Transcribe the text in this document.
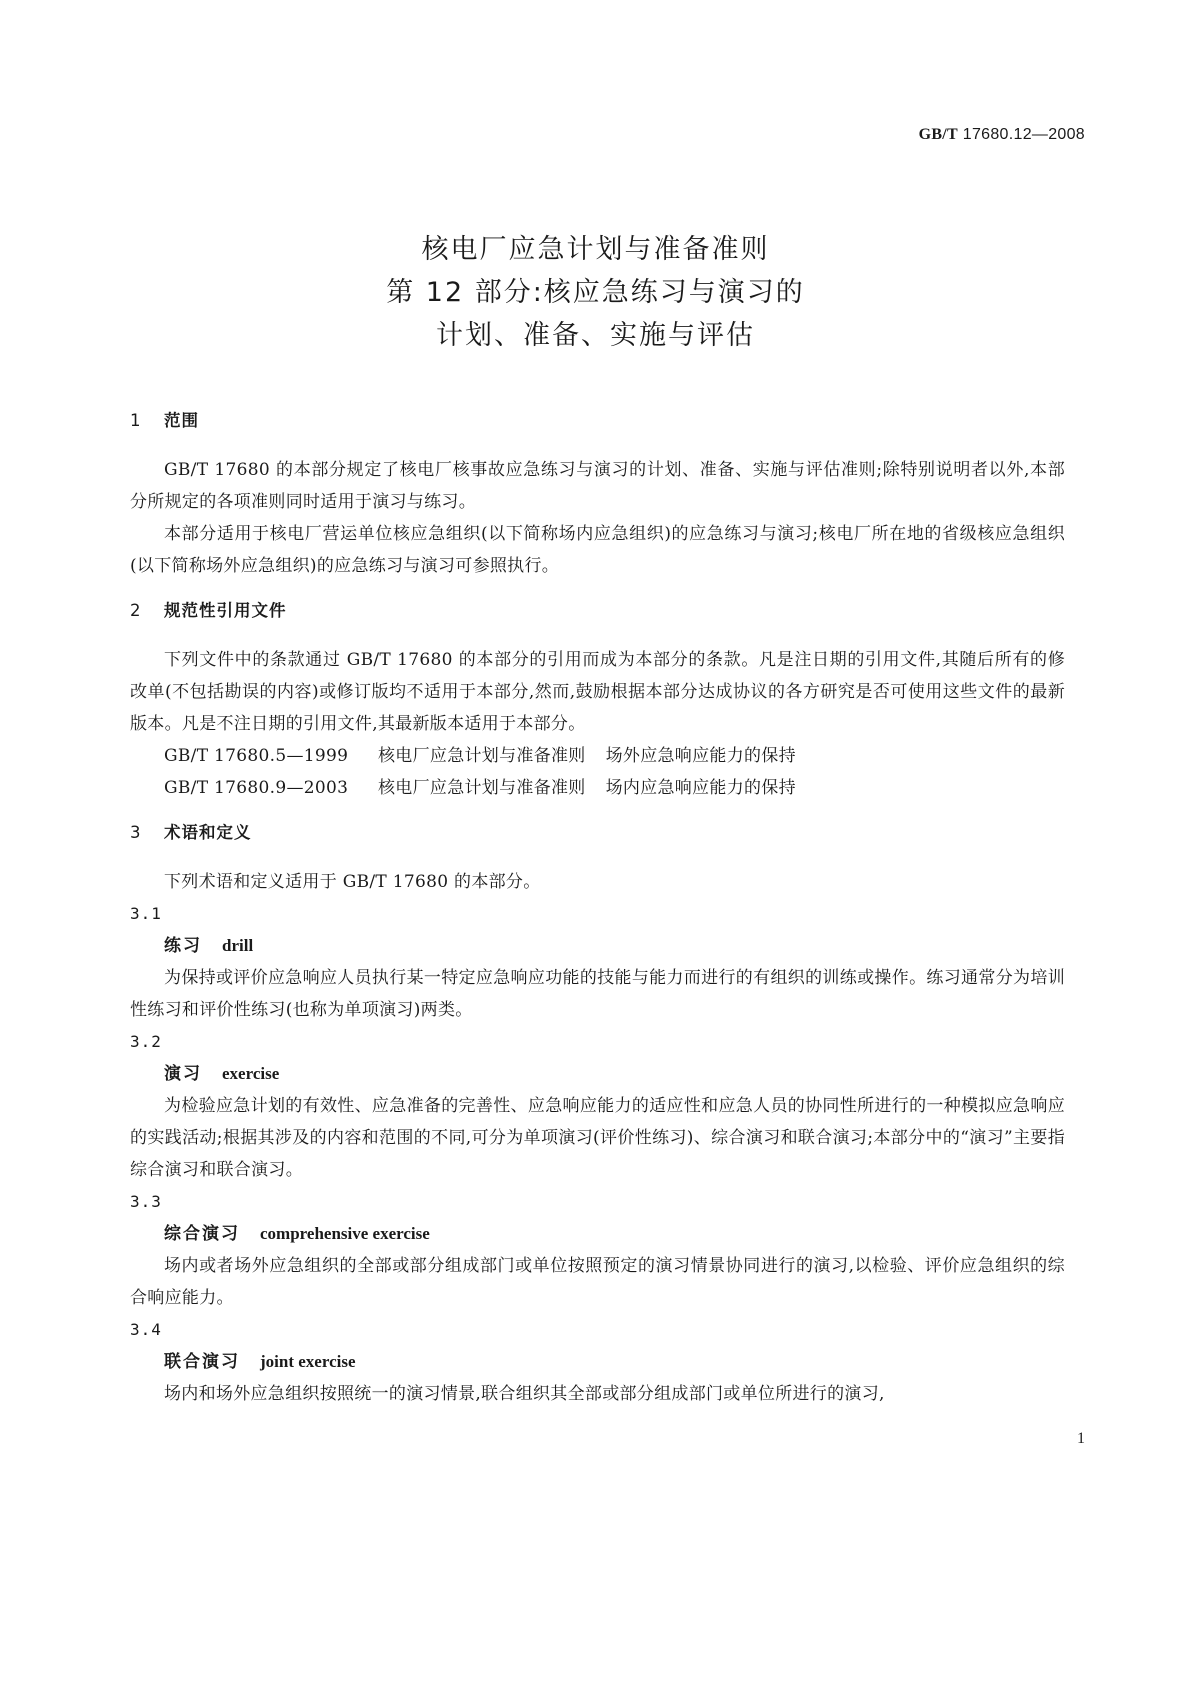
GB/T 17680.12—2008
核电厂应急计划与准备准则
第 12 部分:核应急练习与演习的
计划、准备、实施与评估
1 范围

GB/T 17680 的本部分规定了核电厂核事故应急练习与演习的计划、准备、实施与评估准则;除特别说明者以外,本部分所规定的各项准则同时适用于演习与练习。

本部分适用于核电厂营运单位核应急组织(以下简称场内应急组织)的应急练习与演习;核电厂所在地的省级核应急组织(以下简称场外应急组织)的应急练习与演习可参照执行。

2 规范性引用文件

下列文件中的条款通过 GB/T 17680 的本部分的引用而成为本部分的条款。凡是注日期的引用文件,其随后所有的修改单(不包括勘误的内容)或修订版均不适用于本部分,然而,鼓励根据本部分达成协议的各方研究是否可使用这些文件的最新版本。凡是不注日期的引用文件,其最新版本适用于本部分。

GB/T 17680.5—1999 核电厂应急计划与准备准则 场外应急响应能力的保持

GB/T 17680.9—2003 核电厂应急计划与准备准则 场内应急响应能力的保持

3 术语和定义

下列术语和定义适用于 GB/T 17680 的本部分。

3.1

练习 drill

为保持或评价应急响应人员执行某一特定应急响应功能的技能与能力而进行的有组织的训练或操作。练习通常分为培训性练习和评价性练习(也称为单项演习)两类。

3.2

演习 exercise

为检验应急计划的有效性、应急准备的完善性、应急响应能力的适应性和应急人员的协同性所进行的一种模拟应急响应的实践活动;根据其涉及的内容和范围的不同,可分为单项演习(评价性练习)、综合演习和联合演习;本部分中的“演习”主要指综合演习和联合演习。

3.3

综合演习 comprehensive exercise

场内或者场外应急组织的全部或部分组成部门或单位按照预定的演习情景协同进行的演习,以检验、评价应急组织的综合响应能力。

3.4

联合演习 joint exercise

场内和场外应急组织按照统一的演习情景,联合组织其全部或部分组成部门或单位所进行的演习,

1
